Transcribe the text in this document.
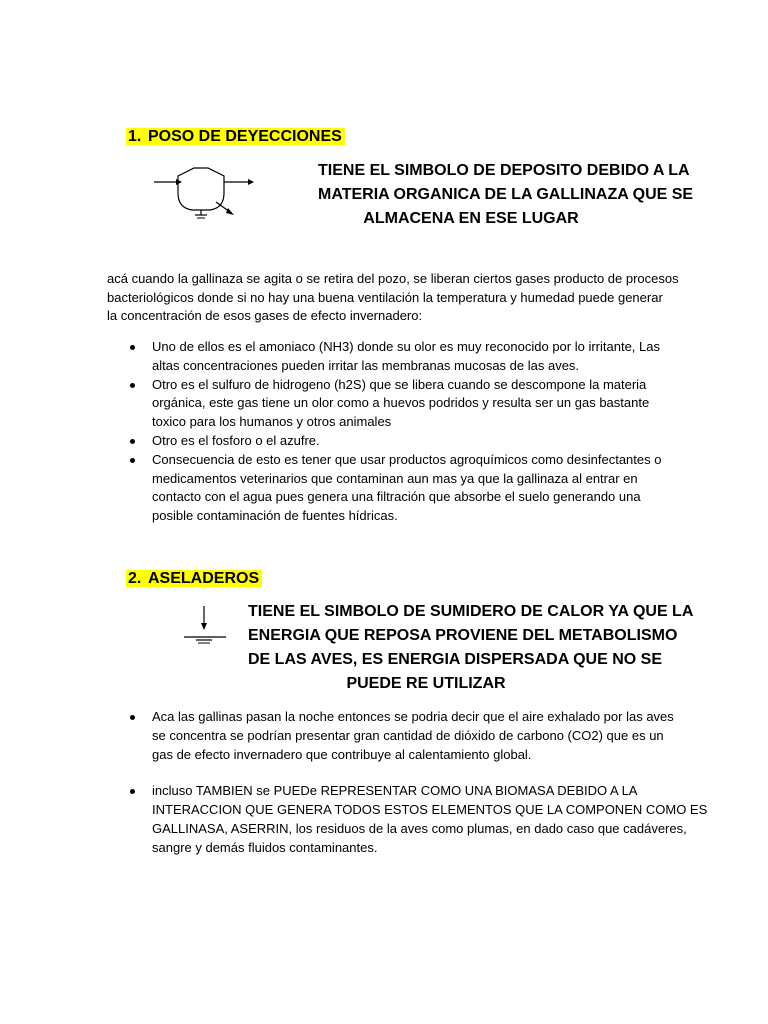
1. POSO DE DEYECCIONES
TIENE EL SIMBOLO DE DEPOSITO DEBIDO A LA
MATERIA ORGANICA DE LA GALLINAZA QUE SE
ALMACENA EN ESE LUGAR
acá cuando la gallinaza se agita o se retira del pozo, se liberan ciertos gases producto de procesos
bacteriológicos donde si no hay una buena ventilación la temperatura y humedad puede generar
la concentración de esos gases de efecto invernadero:
Uno de ellos es el amoniaco (NH3) donde su olor es muy reconocido por lo irritante, Las
altas concentraciones pueden irritar las membranas mucosas de las aves.
Otro es el sulfuro de hidrogeno (h2S) que se libera cuando se descompone la materia
orgánica, este gas tiene un olor como a huevos podridos y resulta ser un gas bastante
toxico para los humanos y otros animales
Otro es el fosforo o el azufre.
Consecuencia de esto es tener que usar productos agroquímicos como desinfectantes o
medicamentos veterinarios que contaminan aun mas ya que la gallinaza al entrar en
contacto con el agua pues genera una filtración que absorbe el suelo generando una
posible contaminación de fuentes hídricas.
2. ASELADEROS
TIENE EL SIMBOLO DE SUMIDERO DE CALOR YA QUE LA
ENERGIA QUE REPOSA PROVIENE DEL METABOLISMO
DE LAS AVES, ES ENERGIA DISPERSADA QUE NO SE
PUEDE RE UTILIZAR
Aca las gallinas pasan la noche entonces se podria decir que el aire exhalado por las aves
se concentra se podrían presentar gran cantidad de dióxido de carbono (CO2) que es un
gas de efecto invernadero que contribuye al calentamiento global.
incluso TAMBIEN se PUEDe REPRESENTAR COMO UNA BIOMASA DEBIDO A LA
INTERACCION QUE GENERA TODOS ESTOS ELEMENTOS QUE LA COMPONEN COMO ES
GALLINASA, ASERRIN, los residuos de la aves como plumas, en dado caso que cadáveres,
sangre y demás fluidos contaminantes.
